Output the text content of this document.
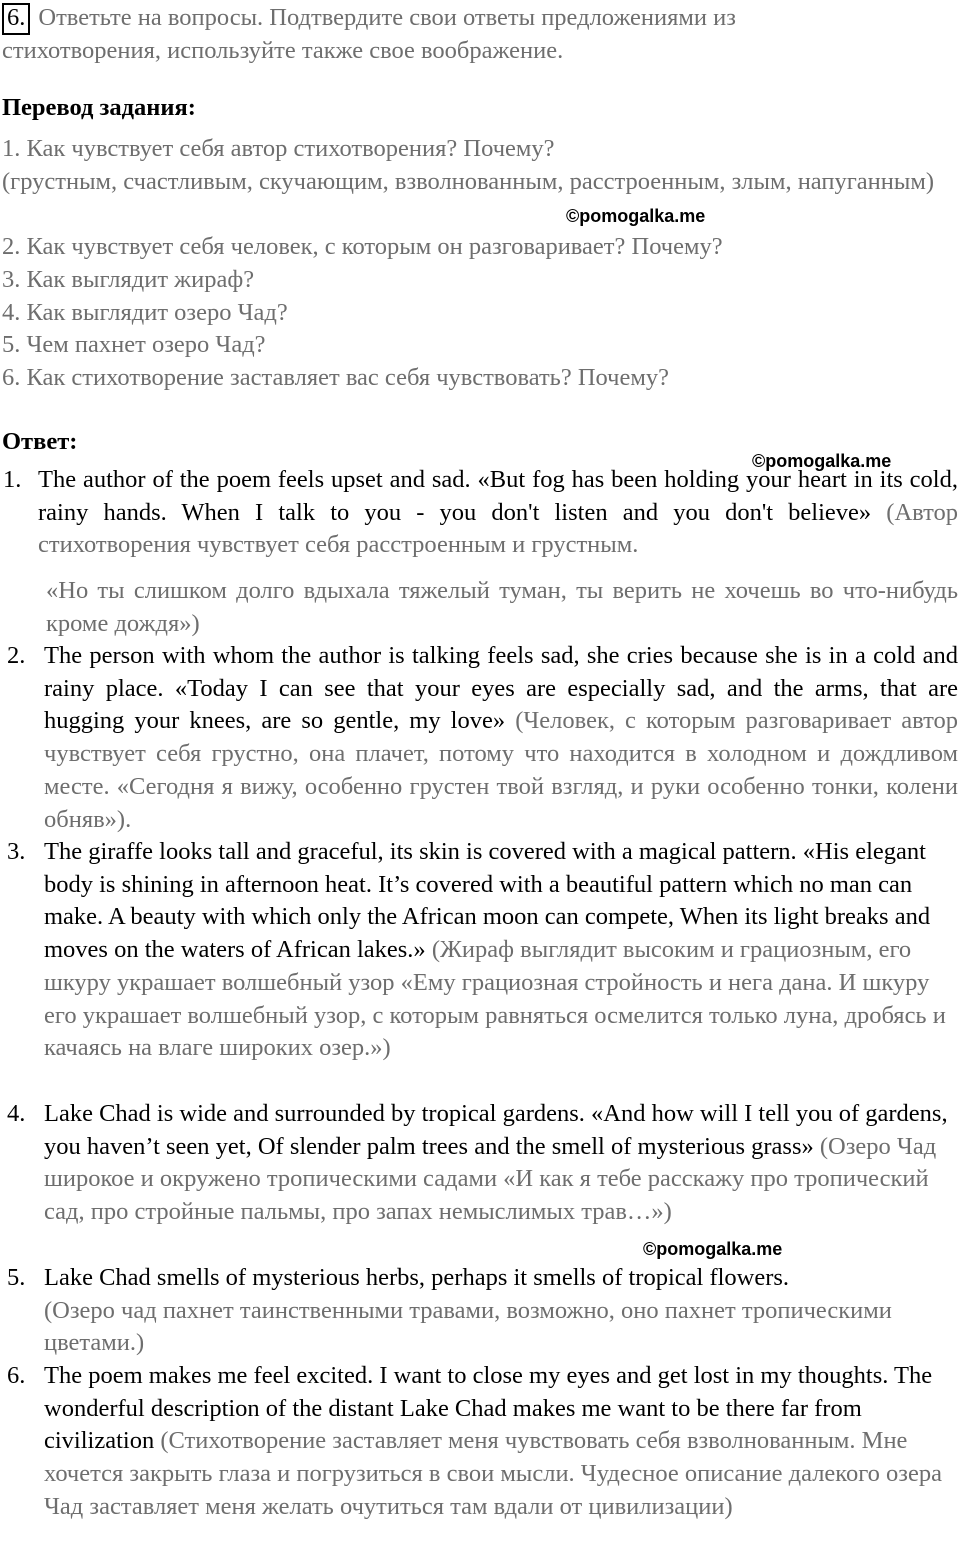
6. Ответьте на вопросы. Подтвердите свои ответы предложениями из
стихотворения, используйте также свое воображение.
Перевод задания:
1. Как чувствует себя автор стихотворения? Почему?
(грустным, счастливым, скучающим, взволнованным, расстроенным, злым, напуганным)
2. Как чувствует себя человек, с которым он разговаривает? Почему?
3. Как выглядит жираф?
4. Как выглядит озеро Чад?
5. Чем пахнет озеро Чад?
6. Как стихотворение заставляет вас себя чувствовать? Почему?
©pomogalka.me
Ответ:
©pomogalka.me
1. The author of the poem feels upset and sad. «But fog has been holding your heart in its cold, rainy hands. When I talk to you - you don't listen and you don't believe» (Автор стихотворения чувствует себя расстроенным и грустным.
«Но ты слишком долго вдыхала тяжелый туман, ты верить не хочешь во что-нибудь кроме дождя»)
2. The person with whom the author is talking feels sad, she cries because she is in a cold and rainy place. «Today I can see that your eyes are especially sad, and the arms, that are hugging your knees, are so gentle, my love» (Человек, с которым разговаривает автор чувствует себя грустно, она плачет, потому что находится в холодном и дождливом месте. «Сегодня я вижу, особенно грустен твой взгляд, и руки особенно тонки, колени обняв»).
3. The giraffe looks tall and graceful, its skin is covered with a magical pattern. «His elegant body is shining in afternoon heat. It’s covered with a beautiful pattern which no man can make. A beauty with which only the African moon can compete, When its light breaks and moves on the waters of African lakes.» (Жираф выглядит высоким и грациозным, его шкуру украшает волшебный узор «Ему грациозная стройность и нега дана. И шкуру его украшает волшебный узор, с которым равняться осмелится только луна, дробясь и качаясь на влаге широких озер.»)
4. Lake Chad is wide and surrounded by tropical gardens. «And how will I tell you of gardens, you haven’t seen yet, Of slender palm trees and the smell of mysterious grass» (Озеро Чад широкое и окружено тропическими садами «И как я тебе расскажу про тропический сад, про стройные пальмы, про запах немыслимых трав…»)
©pomogalka.me
5. Lake Chad smells of mysterious herbs, perhaps it smells of tropical flowers.
(Озеро чад пахнет таинственными травами, возможно, оно пахнет тропическими цветами.)
6. The poem makes me feel excited. I want to close my eyes and get lost in my thoughts. The wonderful description of the distant Lake Chad makes me want to be there far from civilization (Стихотворение заставляет меня чувствовать себя взволнованным. Мне хочется закрыть глаза и погрузиться в свои мысли. Чудесное описание далекого озера Чад заставляет меня желать очутиться там вдали от цивилизации)
